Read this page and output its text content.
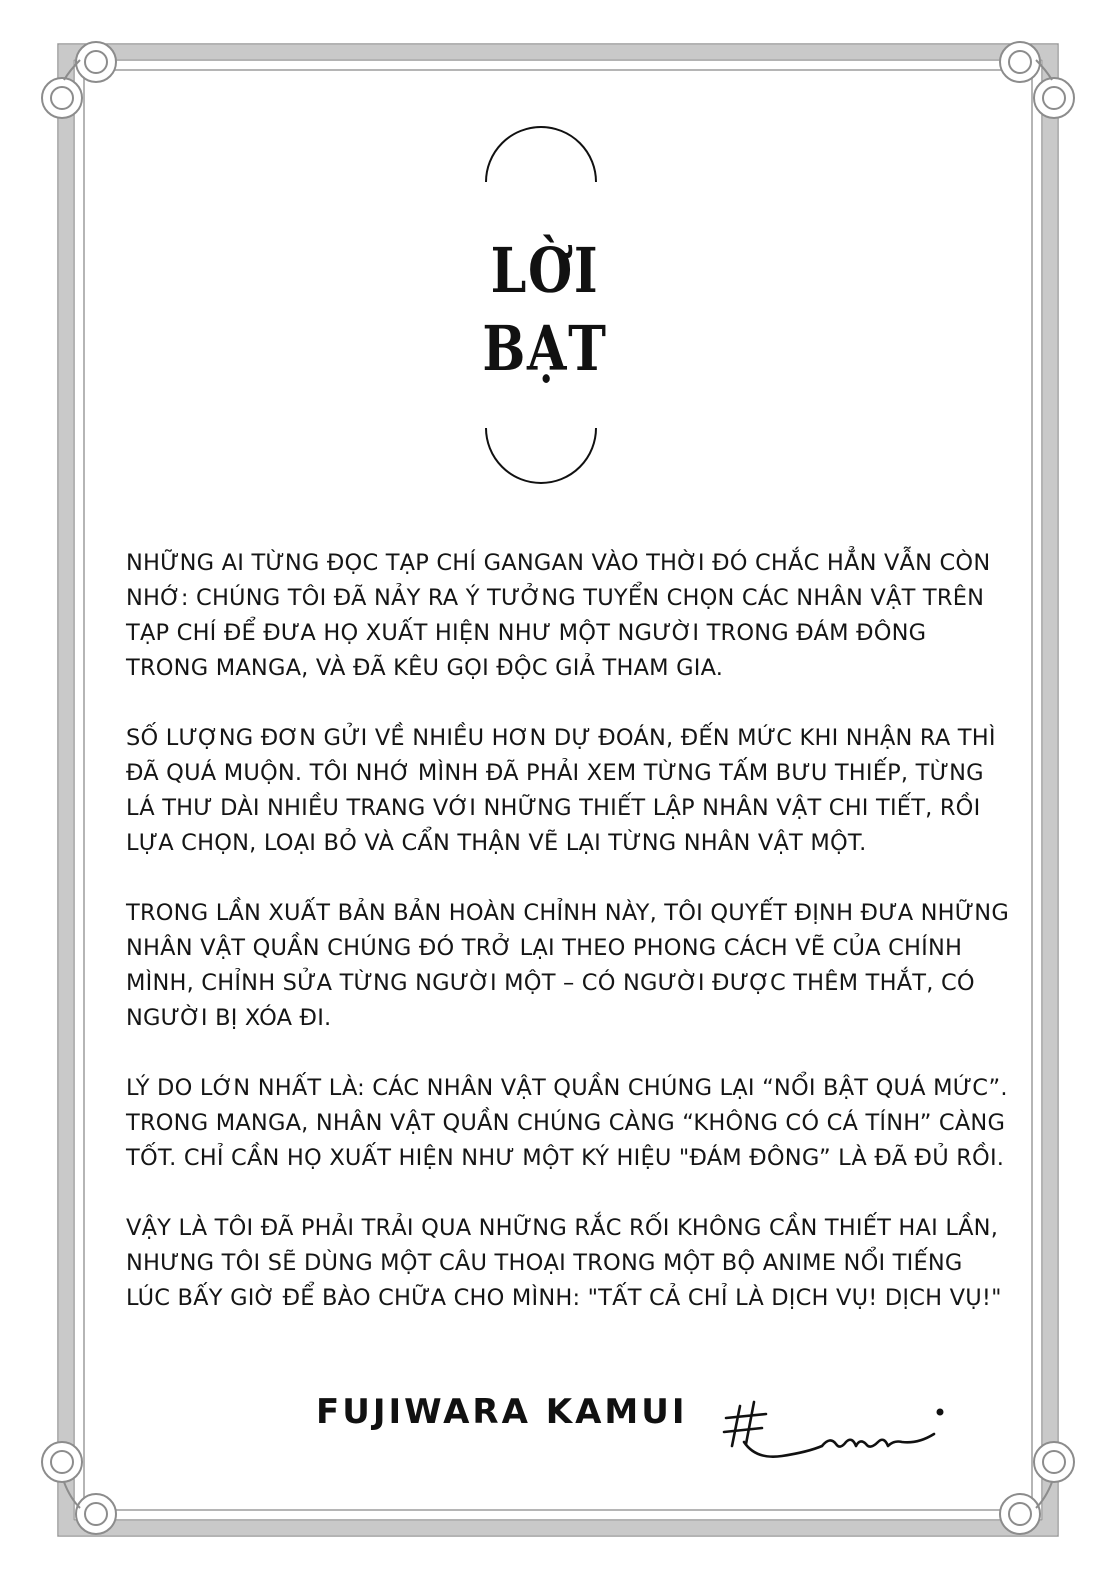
LỜI
BẠT
NHỮNG AI TỪNG ĐỌC TẠP CHÍ GANGAN VÀO THỜI ĐÓ CHẮC HẲN VẪN CÒN
NHỚ: CHÚNG TÔI ĐÃ NẢY RA Ý TƯỞNG TUYỂN CHỌN CÁC NHÂN VẬT TRÊN
TẠP CHÍ ĐỂ ĐƯA HỌ XUẤT HIỆN NHƯ MỘT NGƯỜI TRONG ĐÁM ĐÔNG
TRONG MANGA, VÀ ĐÃ KÊU GỌI ĐỘC GIẢ THAM GIA.
SỐ LƯỢNG ĐƠN GỬI VỀ NHIỀU HƠN DỰ ĐOÁN, ĐẾN MỨC KHI NHẬN RA THÌ
ĐÃ QUÁ MUỘN. TÔI NHỚ MÌNH ĐÃ PHẢI XEM TỪNG TẤM BƯU THIẾP, TỪNG
LÁ THƯ DÀI NHIỀU TRANG VỚI NHỮNG THIẾT LẬP NHÂN VẬT CHI TIẾT, RỒI
LỰA CHỌN, LOẠI BỎ VÀ CẨN THẬN VẼ LẠI TỪNG NHÂN VẬT MỘT.
TRONG LẦN XUẤT BẢN BẢN HOÀN CHỈNH NÀY, TÔI QUYẾT ĐỊNH ĐƯA NHỮNG
NHÂN VẬT QUẦN CHÚNG ĐÓ TRỞ LẠI THEO PHONG CÁCH VẼ CỦA CHÍNH
MÌNH, CHỈNH SỬA TỪNG NGƯỜI MỘT – CÓ NGƯỜI ĐƯỢC THÊM THẮT, CÓ
NGƯỜI BỊ XÓA ĐI.
LÝ DO LỚN NHẤT LÀ: CÁC NHÂN VẬT QUẦN CHÚNG LẠI “NỔI BẬT QUÁ MỨC”.
TRONG MANGA, NHÂN VẬT QUẦN CHÚNG CÀNG “KHÔNG CÓ CÁ TÍNH” CÀNG
TỐT. CHỈ CẦN HỌ XUẤT HIỆN NHƯ MỘT KÝ HIỆU "ĐÁM ĐÔNG” LÀ ĐÃ ĐỦ RỒI.
VẬY LÀ TÔI ĐÃ PHẢI TRẢI QUA NHỮNG RẮC RỐI KHÔNG CẦN THIẾT HAI LẦN,
NHƯNG TÔI SẼ DÙNG MỘT CÂU THOẠI TRONG MỘT BỘ ANIME NỔI TIẾNG
LÚC BẤY GIỜ ĐỂ BÀO CHỮA CHO MÌNH: "TẤT CẢ CHỈ LÀ DỊCH VỤ! DỊCH VỤ!"
FUJIWARA KAMUI
